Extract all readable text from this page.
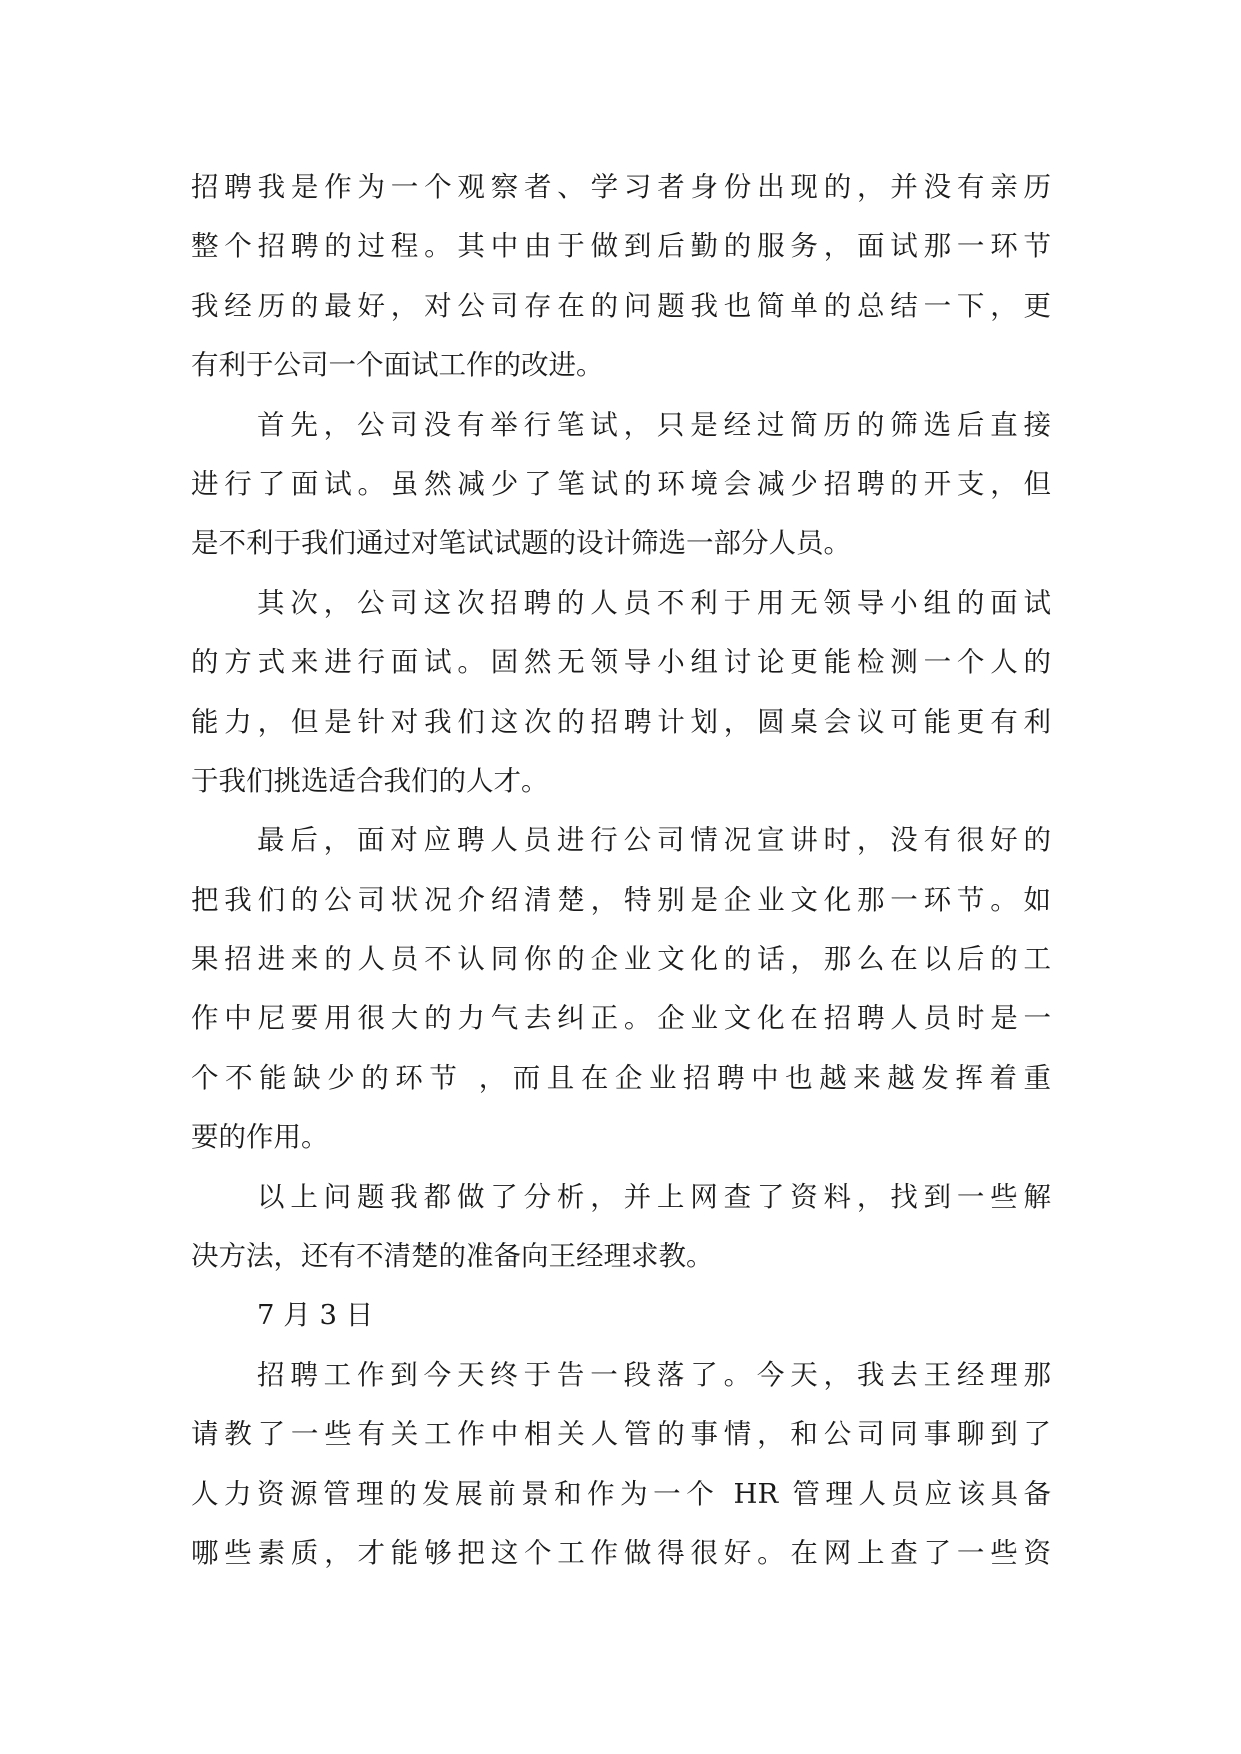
招聘我是作为一个观察者、学习者身份出现的，并没有亲历
整个招聘的过程。其中由于做到后勤的服务，面试那一环节
我经历的最好，对公司存在的问题我也简单的总结一下，更
有利于公司一个面试工作的改进。
首先，公司没有举行笔试，只是经过简历的筛选后直接
进行了面试。虽然减少了笔试的环境会减少招聘的开支，但
是不利于我们通过对笔试试题的设计筛选一部分人员。
其次，公司这次招聘的人员不利于用无领导小组的面试
的方式来进行面试。固然无领导小组讨论更能检测一个人的
能力，但是针对我们这次的招聘计划，圆桌会议可能更有利
于我们挑选适合我们的人才。
最后，面对应聘人员进行公司情况宣讲时，没有很好的
把我们的公司状况介绍清楚，特别是企业文化那一环节。如
果招进来的人员不认同你的企业文化的话，那么在以后的工
作中尼要用很大的力气去纠正。企业文化在招聘人员时是一
个不能缺少的环节 ，而且在企业招聘中也越来越发挥着重
要的作用。
以上问题我都做了分析，并上网查了资料，找到一些解
决方法，还有不清楚的准备向王经理求教。
7 月 3 日
招聘工作到今天终于告一段落了。今天，我去王经理那
请教了一些有关工作中相关人管的事情，和公司同事聊到了
人力资源管理的发展前景和作为一个 HR 管理人员应该具备
哪些素质，才能够把这个工作做得很好。在网上查了一些资
